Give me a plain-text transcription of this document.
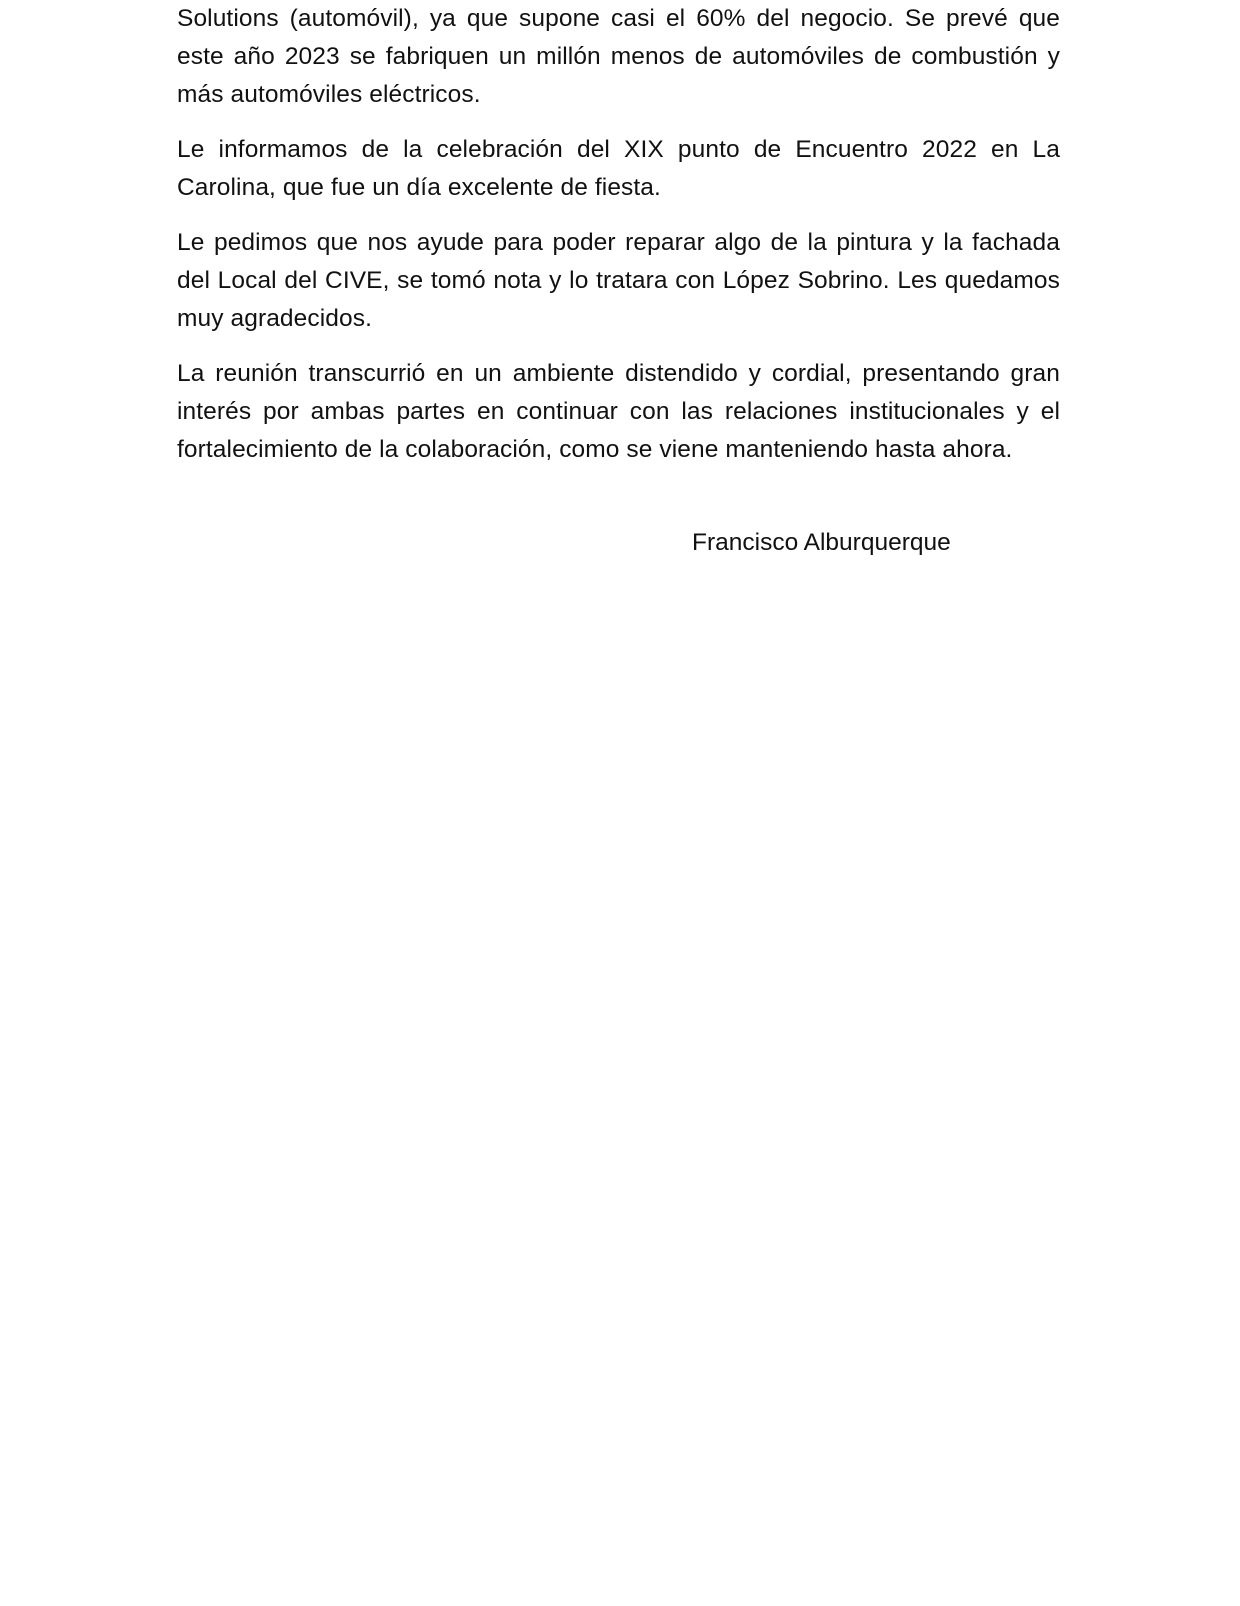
Solutions (automóvil), ya que supone casi el 60% del negocio. Se prevé que este año 2023 se fabriquen un millón menos de automóviles de combustión y más automóviles eléctricos.

Le informamos de la celebración del XIX punto de Encuentro 2022 en La Carolina, que fue un día excelente de fiesta.

Le pedimos que nos ayude para poder reparar algo de la pintura y la fachada del Local del CIVE, se tomó nota y lo tratara con López Sobrino. Les quedamos muy agradecidos.

La reunión transcurrió en un ambiente distendido y cordial, presentando gran interés por ambas partes en continuar con las relaciones institucionales y el fortalecimiento de la colaboración, como se viene manteniendo hasta ahora.

Francisco Alburquerque
